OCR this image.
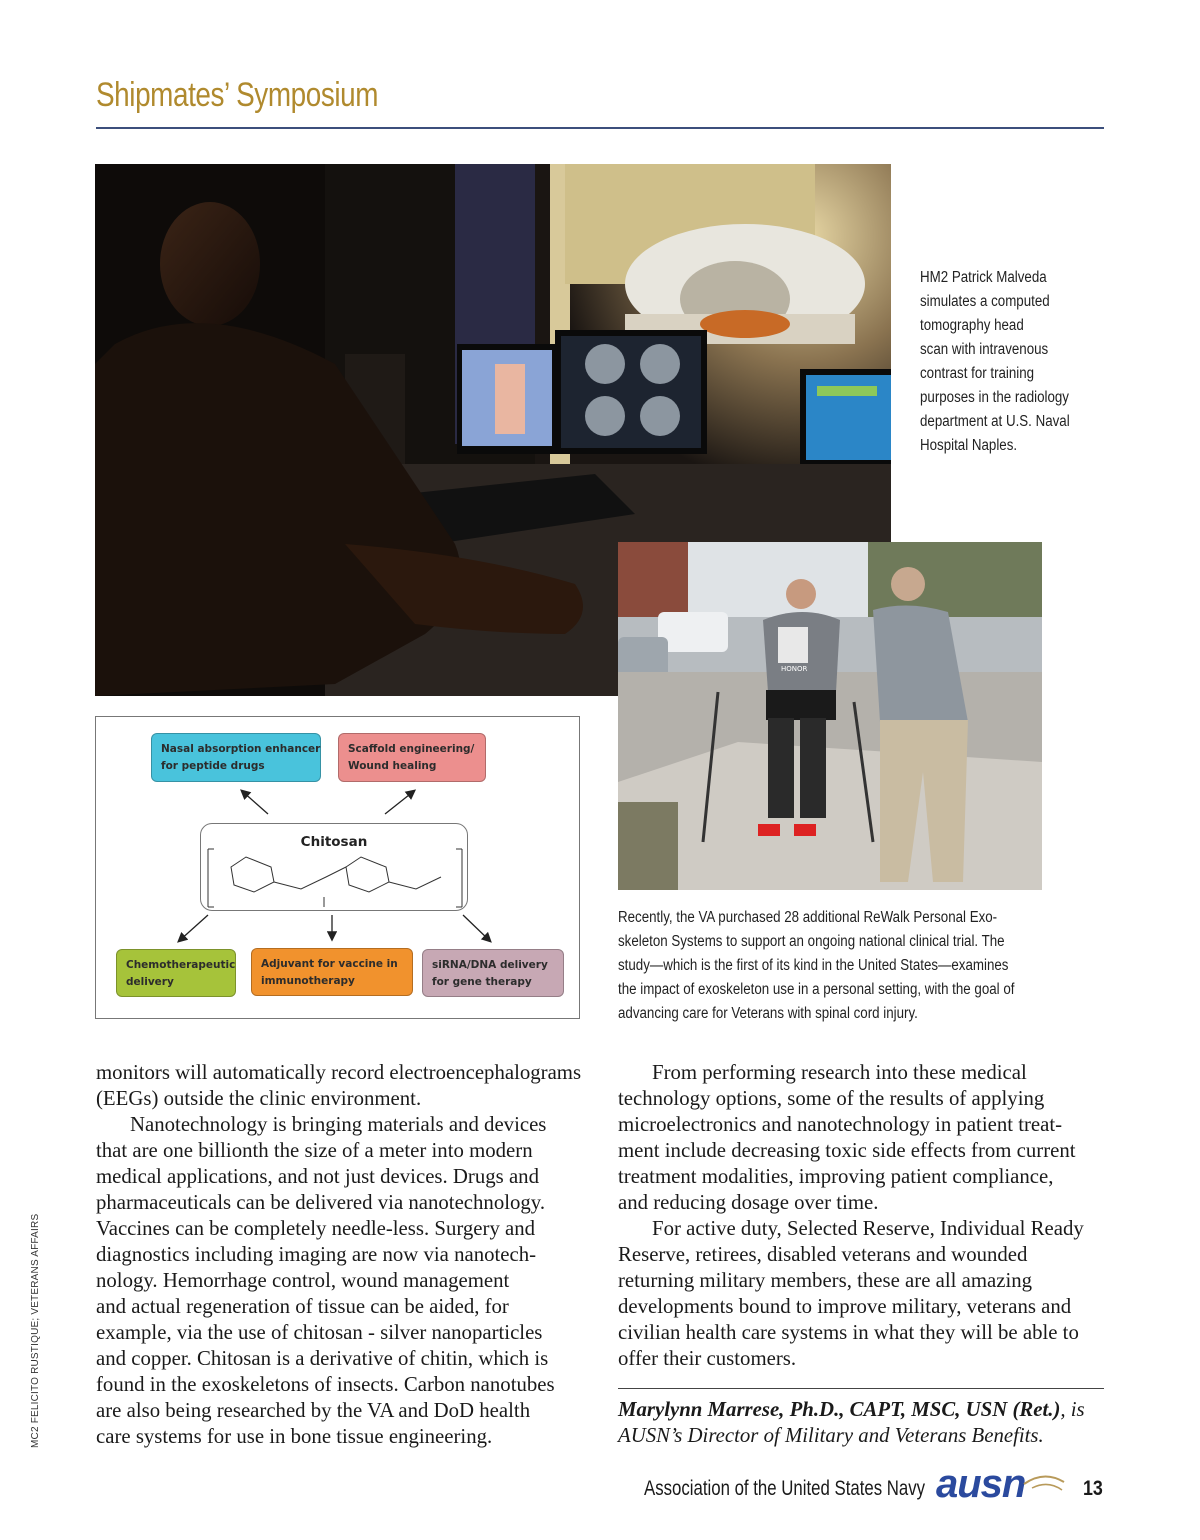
Shipmates’ Symposium
HM2 Patrick Malveda
simulates a computed
tomography head
scan with intravenous
contrast for training
purposes in the radiology
department at U.S. Naval
Hospital Naples.
HONOR
Recently, the VA purchased 28 additional ReWalk Personal Exo-
skeleton Systems to support an ongoing national clinical trial. The
study—which is the first of its kind in the United States—examines
the impact of exoskeleton use in a personal setting, with the goal of
advancing care for Veterans with spinal cord injury.
Nasal absorption enhancer
for peptide drugs
Scaffold engineering/
Wound healing
Chemotherapeutic
delivery
Adjuvant for vaccine in
immunotherapy
siRNA/DNA delivery
for gene therapy
Chitosan
monitors will automatically record electroencephalograms
(EEGs) outside the clinic environment.
Nanotechnology is bringing materials and devices
that are one billionth the size of a meter into modern
medical applications, and not just devices. Drugs and
pharmaceuticals can be delivered via nanotechnology.
Vaccines can be completely needle-less. Surgery and
diagnostics including imaging are now via nanotech-
nology. Hemorrhage control, wound management
and actual regeneration of tissue can be aided, for
example, via the use of chitosan - silver nanoparticles
and copper. Chitosan is a derivative of chitin, which is
found in the exoskeletons of insects. Carbon nanotubes
are also being researched by the VA and DoD health
care systems for use in bone tissue engineering.
From performing research into these medical
technology options, some of the results of applying
microelectronics and nanotechnology in patient treat-
ment include decreasing toxic side effects from current
treatment modalities, improving patient compliance,
and reducing dosage over time.
For active duty, Selected Reserve, Individual Ready
Reserve, retirees, disabled veterans and wounded
returning military members, these are all amazing
developments bound to improve military, veterans and
civilian health care systems in what they will be able to
offer their customers.
Marylynn Marrese, Ph.D., CAPT, MSC, USN (Ret.), is
AUSN’s Director of Military and Veterans Benefits.
MC2 FELICITO RUSTIQUE; VETERANS AFFAIRS
Association of the United States Navy ausn	13
